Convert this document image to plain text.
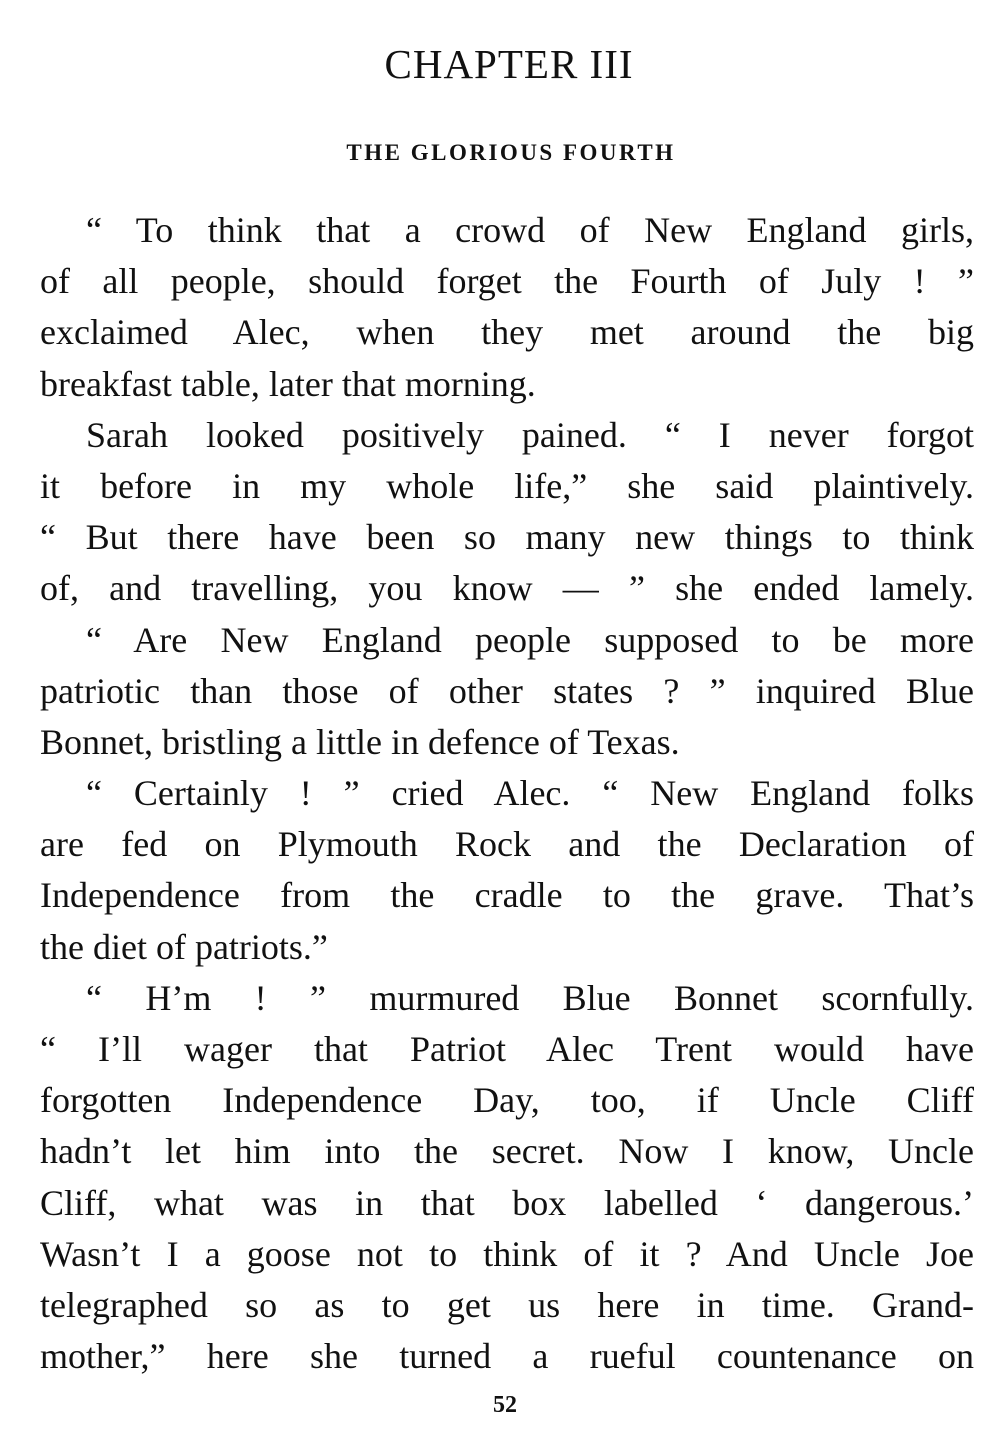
CHAPTER III
THE GLORIOUS FOURTH
“ To think that a crowd of New England girls,
of all people, should forget the Fourth of July ! ”
exclaimed Alec, when they met around the big
breakfast table, later that morning.
Sarah looked positively pained. “ I never forgot
it before in my whole life,” she said plaintively.
“ But there have been so many new things to think
of, and travelling, you know — ” she ended lamely.
“ Are New England people supposed to be more
patriotic than those of other states ? ” inquired Blue
Bonnet, bristling a little in defence of Texas.
“ Certainly ! ” cried Alec. “ New England folks
are fed on Plymouth Rock and the Declaration of
Independence from the cradle to the grave. That’s
the diet of patriots.”
“ H’m ! ” murmured Blue Bonnet scornfully.
“ I’ll wager that Patriot Alec Trent would have
forgotten Independence Day, too, if Uncle Cliff
hadn’t let him into the secret. Now I know, Uncle
Cliff, what was in that box labelled ‘ dangerous.’
Wasn’t I a goose not to think of it ? And Uncle Joe
telegraphed so as to get us here in time. Grand-
mother,” here she turned a rueful countenance on
52
